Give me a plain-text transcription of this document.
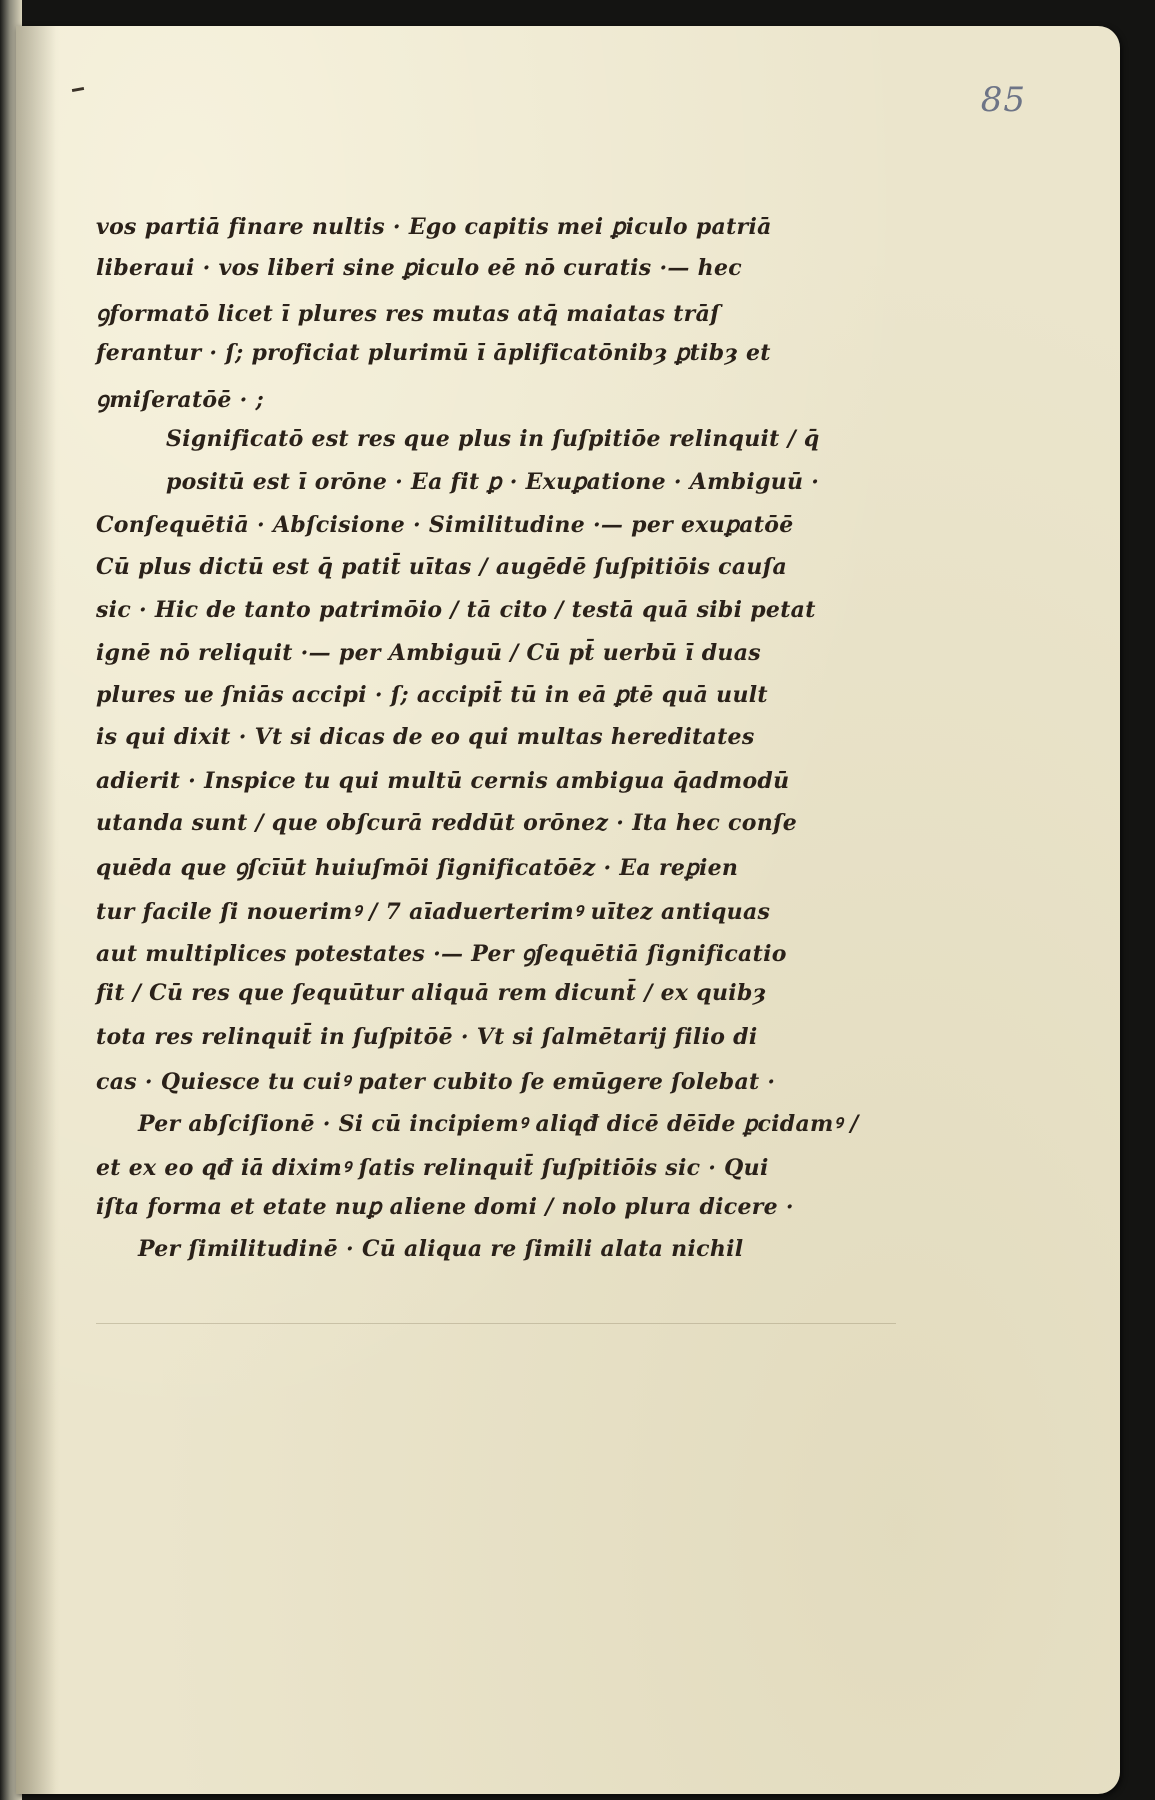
85
vos partiā finare nultis · Ego capitis mei ꝑiculo patriā
liberaui · vos liberi sine ꝑiculo eē nō curatis ·— hec
ꝯformatō licet ī plures res mutas atq̄ maiatas trāſ
ferantur · ſ; proficiat plurimū ī āplificatōnibȝ ꝑtibȝ et
ꝯmiſeratōē · ;
Significatō est res que plus in ſuſpitiōe relinquit / q̄
positū est ī orōne · Ea fit ꝑ · Exuꝑatione · Ambiguū ·
Conſequētiā · Abſcisione · Similitudine ·— per exuꝑatōē
Cū plus dictū est q̄ patit̄ uītas / augēdē ſuſpitiōis cauſa
sic · Hic de tanto patrimōio / tā cito / testā quā sibi petat
ignē nō reliquit ·— per Ambiguū / Cū pt̄ uerbū ī duas
plures ue ſniās accipi · ſ; accipit̄ tū in eā ꝑtē quā uult
is qui dixit · Vt si dicas de eo qui multas hereditates
adierit · Inspice tu qui multū cernis ambigua q̄admodū
utanda sunt / que obſcurā reddūt orōnez · Ita hec conſe
quēda que ꝯſcīūt huiuſmōi ſignificatōēz · Ea reꝑien
tur facile ſi nouerimꝰ / 7 aīaduerterimꝰ uītez antiquas
aut multiplices potestates ·— Per ꝯſequētiā ſignificatio
fit / Cū res que ſequūtur aliquā rem dicunt̄ / ex quibȝ
tota res relinquit̄ in ſuſpitōē · Vt si ſalmētarij filio di
cas · Quiesce tu cuiꝰ pater cubito ſe emūgere ſolebat ·
Per abſciſionē · Si cū incipiemꝰ aliqđ dicē dēīde ꝑcidamꝰ /
et ex eo qđ iā diximꝰ ſatis relinquit̄ ſuſpitiōis sic · Qui
iſta forma et etate nuꝑ aliene domi / nolo plura dicere ·
Per ſimilitudinē · Cū aliqua re ſimili alata nichil
